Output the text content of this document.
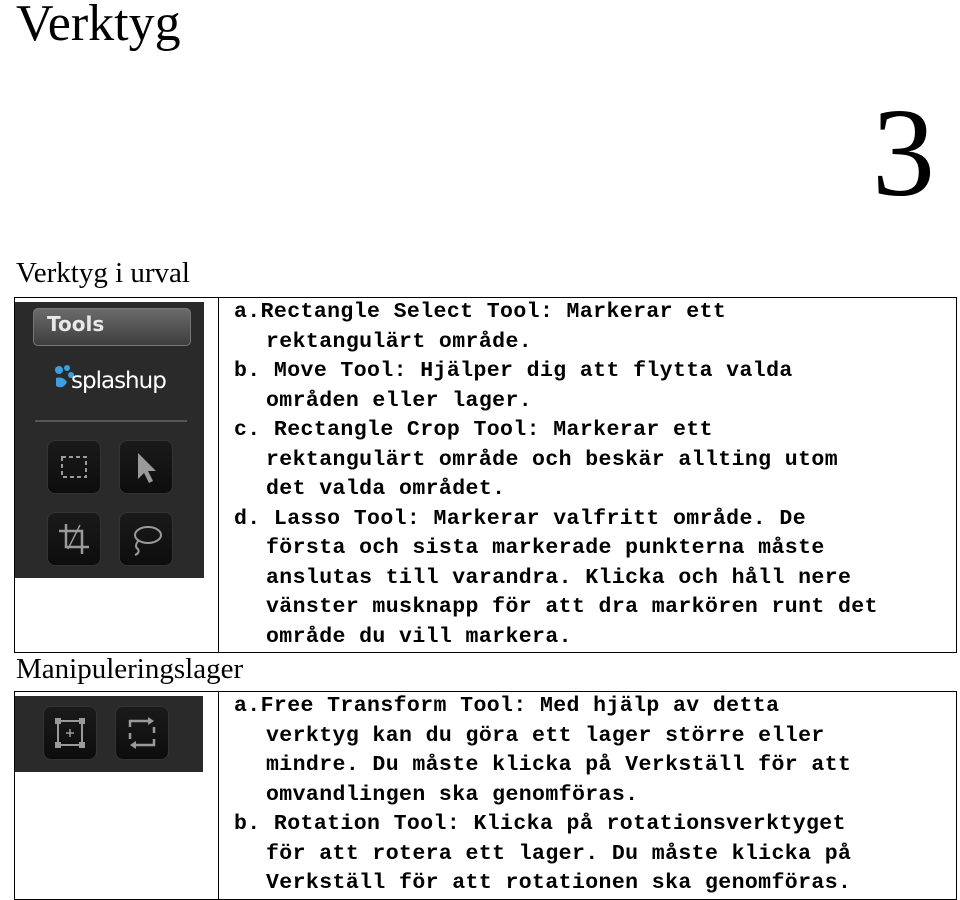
Verktyg
3
Verktyg i urval
Tools
splashup

a.Rectangle Select Tool: Markerar ett
rektangulärt område.
b. Move Tool: Hjälper dig att flytta valda
områden eller lager.
c. Rectangle Crop Tool: Markerar ett
rektangulärt område och beskär allting utom
det valda området.
d. Lasso Tool: Markerar valfritt område. De
första och sista markerade punkterna måste
anslutas till varandra. Klicka och håll nere
vänster musknapp för att dra markören runt det
område du vill markera.
Manipuleringslager

a.Free Transform Tool: Med hjälp av detta
verktyg kan du göra ett lager större eller
mindre. Du måste klicka på Verkställ för att
omvandlingen ska genomföras.
b. Rotation Tool: Klicka på rotationsverktyget
för att rotera ett lager. Du måste klicka på
Verkställ för att rotationen ska genomföras.
